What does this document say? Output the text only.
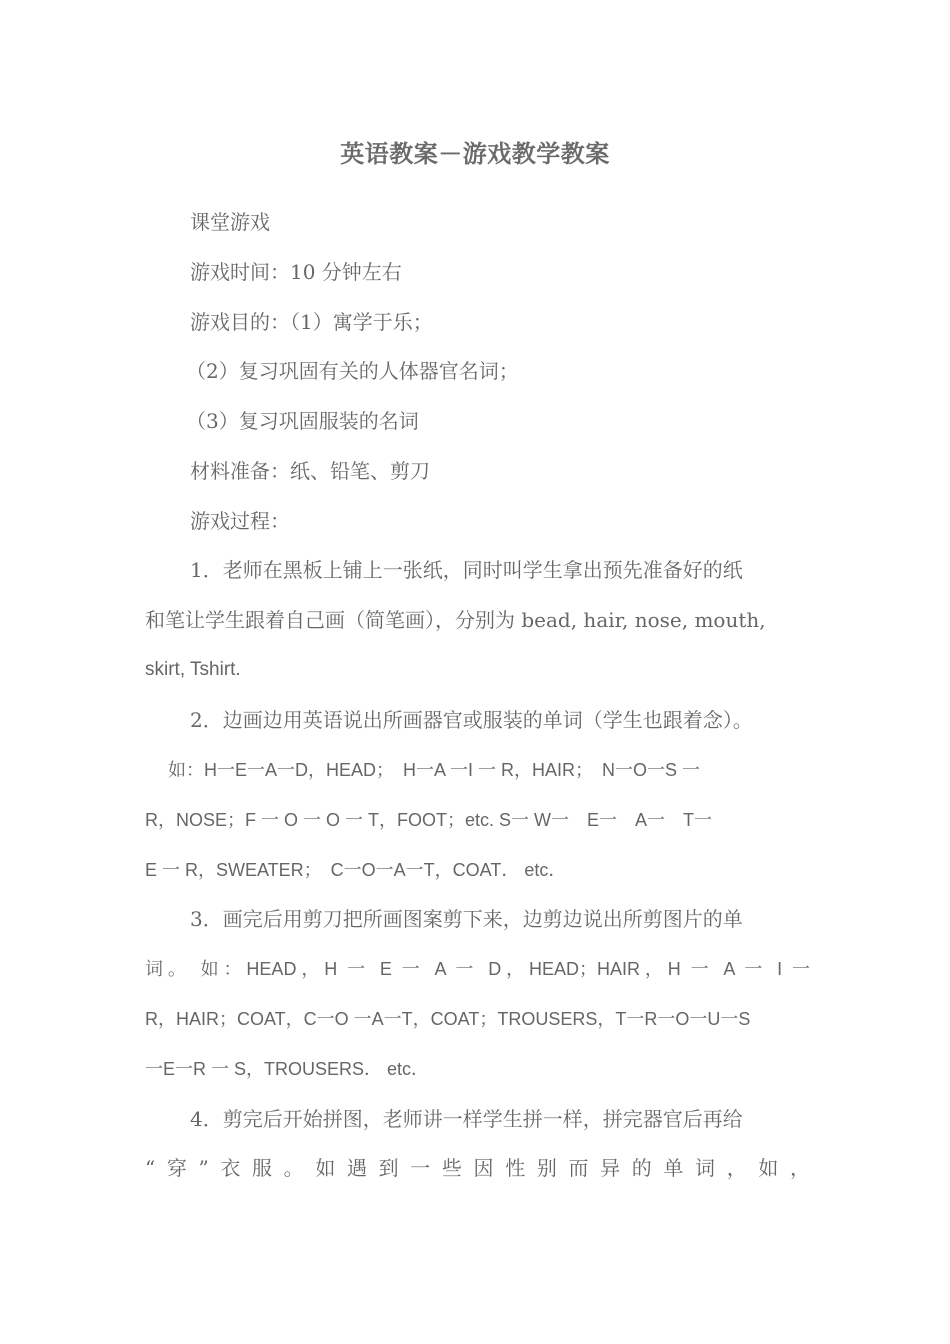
英语教案－游戏教学教案
课堂游戏
游戏时间：10 分钟左右
游戏目的：（1）寓学于乐；
（2）复习巩固有关的人体器官名词；
（3）复习巩固服装的名词
材料准备：纸、铅笔、剪刀
游戏过程：
1．老师在黑板上铺上一张纸，同时叫学生拿出预先准备好的纸
和笔让学生跟着自己画（简笔画），分别为 bead, hair, nose, mouth,
skirt, Tshirt.
2．边画边用英语说出所画器官或服装的单词（学生也跟着念）。
如：H一E一A一D，HEAD；　H一A 一I 一 R，HAIR；　N一O一S 一
R，NOSE；F 一 O 一 O 一 T，FOOT；etc. S一 W一　E一　A一　T一
E 一 R，SWEATER；　C一O一A一T，COAT． etc．
3．画完后用剪刀把所画图案剪下来，边剪边说出所剪图片的单
词。 如：HEAD，H 一 E 一 A 一 D，HEAD；HAIR，H 一 A 一 I 一
R，HAIR；COAT，C一O 一A一T，COAT；TROUSERS，T一R一O一U一S
一E一R 一 S，TROUSERS． etc．
4．剪完后开始拼图，老师讲一样学生拼一样，拼完器官后再给
“穿”衣服。如遇到一些因性别而异的单词，如，
